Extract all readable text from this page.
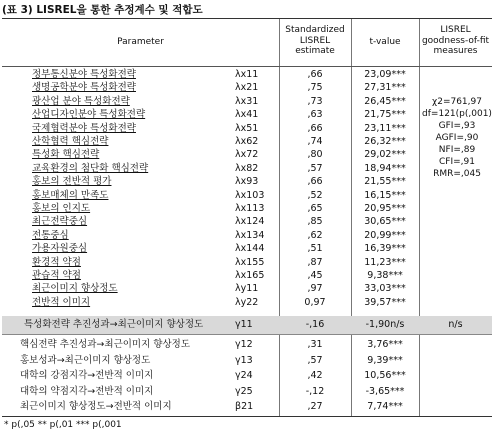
(표 3) LISREL을 통한 추정계수 및 적합도
Parameter
Standardized
LISREL
estimate
t-value
LISREL
goodness-of-fit
measures
정부통신분야 특성화전략	λx11	,66	23,09***
생명공학분야 특성화전략	λx21	,75	27,31***
광산업 분야 특성화전략	λx31	,73	26,45***
산업디자인분야 특성화전략	λx41	,63	21,75***
국제협력분야 특성화전략	λx51	,66	23,11***
산학협력 핵심전략	λx62	,74	26,32***
특성화 핵심전략	λx72	,80	29,02***
교육환경의 첨단화 핵심전략	λx82	,57	18,94***
홍보의 전반적 평가	λx93	,66	21,55***
홍보매체의 만족도	λx103	,52	16,15***
홍보의 인지도	λx113	,65	20,95***
최근전략중심	λx124	,85	30,65***
전통중심	λx134	,62	20,99***
가용자원중심	λx144	,51	16,39***
환경적 약점	λx155	,87	11,23***
관습적 약점	λx165	,45	9,38***
최근이미지 향상정도	λy11	,97	33,03***
전반적 이미지	λy22	0,97	39,57***
χ2=761,97
df=121(p(,001)
GFI=,93
AGFI=,90
NFI=,89
CFI=,91
RMR=,045
특성화전략 추진성과→최근이미지 향상정도	γ11	-,16	-1,90n/s	n/s
핵심전략 추진성과→최근이미지 향상정도	γ12	,31	3,76***
홍보성과→최근이미지 향상정도	γ13	,57	9,39***
대학의 강점지각→전반적 이미지	γ24	,42	10,56***
대학의 약점지각→전반적 이미지	γ25	-,12	-3,65***
최근이미지 향상정도→전반적 이미지	β21	,27	7,74***
* p(,05 ** p(,01 *** p(,001
